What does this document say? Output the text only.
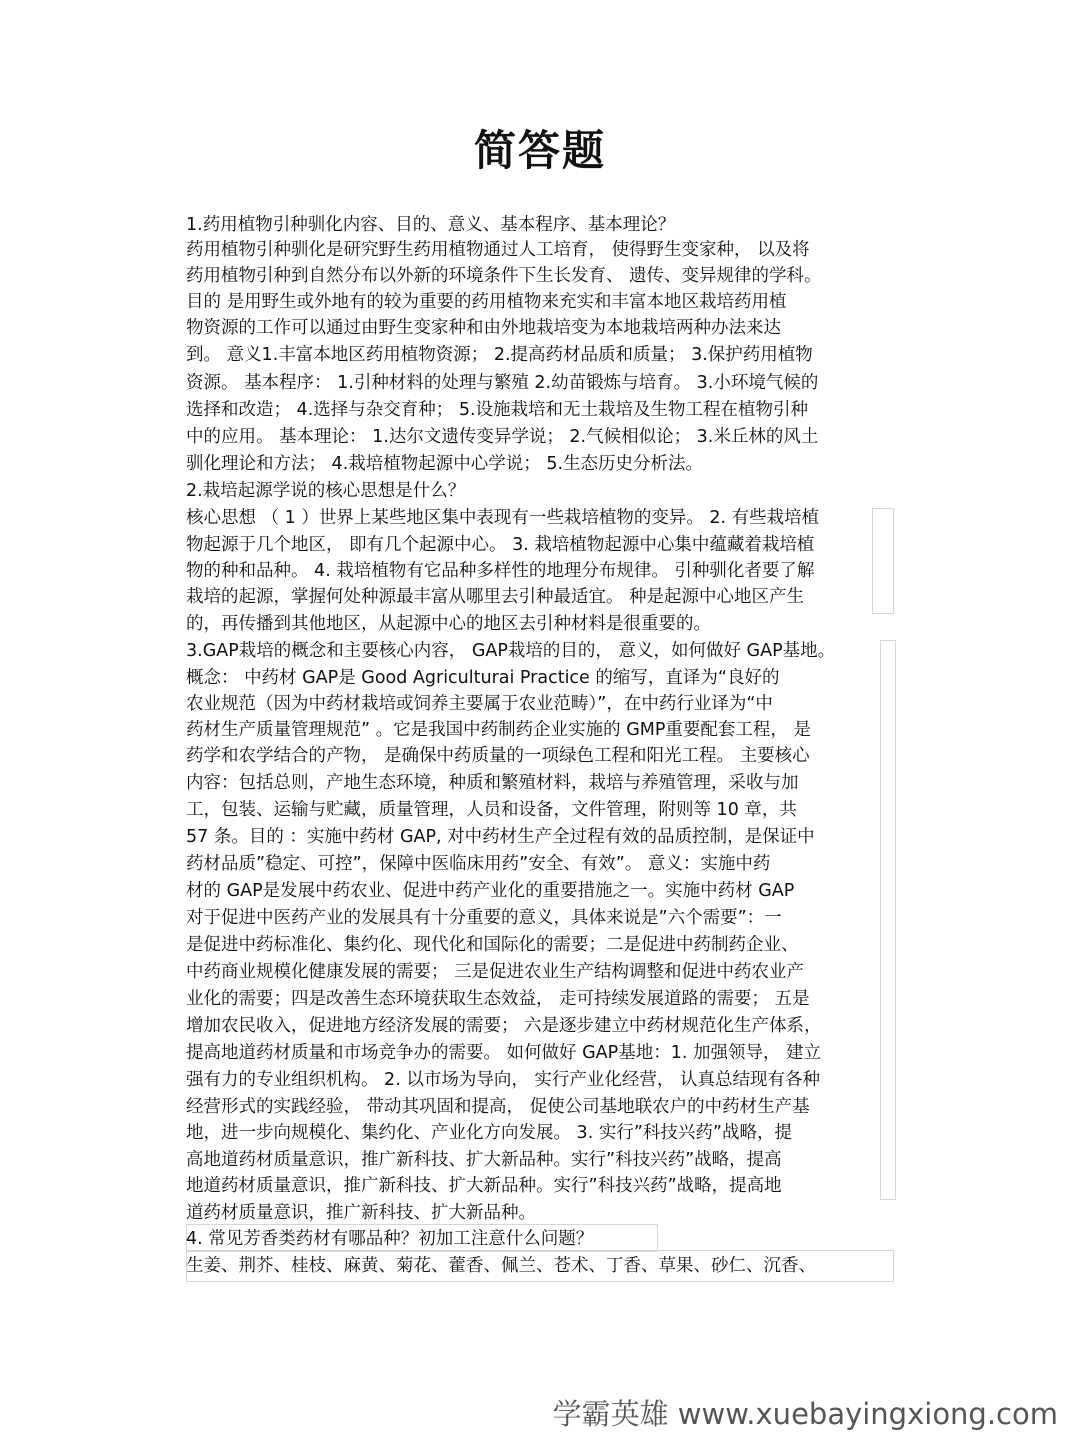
简答题
1.药用植物引种驯化内容、目的、意义、基本程序、基本理论？
药用植物引种驯化是研究野生药用植物通过人工培育， 使得野生变家种， 以及将
药用植物引种到自然分布以外新的环境条件下生长发育、 遗传、变异规律的学科。
目的 是用野生或外地有的较为重要的药用植物来充实和丰富本地区栽培药用植
物资源的工作可以通过由野生变家种和由外地栽培变为本地栽培两种办法来达
到。 意义1.丰富本地区药用植物资源； 2.提高药材品质和质量； 3.保护药用植物
资源。 基本程序： 1.引种材料的处理与繁殖 2.幼苗锻炼与培育。 3.小环境气候的
选择和改造； 4.选择与杂交育种； 5.设施栽培和无土栽培及生物工程在植物引种
中的应用。 基本理论： 1.达尔文遗传变异学说； 2.气候相似论； 3.米丘林的风土
驯化理论和方法； 4.栽培植物起源中心学说； 5.生态历史分析法。
2.栽培起源学说的核心思想是什么？
核心思想 （ 1 ）世界上某些地区集中表现有一些栽培植物的变异。 2. 有些栽培植
物起源于几个地区， 即有几个起源中心。 3. 栽培植物起源中心集中蕴藏着栽培植
物的种和品种。 4. 栽培植物有它品种多样性的地理分布规律。 引种驯化者要了解
栽培的起源，掌握何处种源最丰富从哪里去引种最适宜。 种是起源中心地区产生
的，再传播到其他地区，从起源中心的地区去引种材料是很重要的。
3.GAP栽培的概念和主要核心内容， GAP栽培的目的， 意义，如何做好 GAP基地。
概念： 中药材 GAP是 Good Agriculturai Practice 的缩写，直译为“良好的
农业规范（因为中药材栽培或饲养主要属于农业范畴）”，在中药行业译为“中
药材生产质量管理规范” 。它是我国中药制药企业实施的 GMP重要配套工程， 是
药学和农学结合的产物， 是确保中药质量的一项绿色工程和阳光工程。 主要核心
内容：包括总则，产地生态环境，种质和繁殖材料，栽培与养殖管理，采收与加
工，包装、运输与贮藏，质量管理，人员和设备，文件管理，附则等 10 章，共
57 条。目的 ：实施中药材 GAP, 对中药材生产全过程有效的品质控制，是保证中
药材品质”稳定、可控”，保障中医临床用药”安全、有效”。 意义：实施中药
材的 GAP是发展中药农业、促进中药产业化的重要措施之一。实施中药材 GAP
对于促进中医药产业的发展具有十分重要的意义，具体来说是”六个需要”：一
是促进中药标准化、集约化、现代化和国际化的需要；二是促进中药制药企业、
中药商业规模化健康发展的需要； 三是促进农业生产结构调整和促进中药农业产
业化的需要；四是改善生态环境获取生态效益， 走可持续发展道路的需要； 五是
增加农民收入，促进地方经济发展的需要； 六是逐步建立中药材规范化生产体系，
提高地道药材质量和市场竞争办的需要。 如何做好 GAP基地：1. 加强领导， 建立
强有力的专业组织机构。 2. 以市场为导向， 实行产业化经营， 认真总结现有各种
经营形式的实践经验， 带动其巩固和提高， 促使公司基地联农户的中药材生产基
地，进一步向规模化、集约化、产业化方向发展。 3. 实行”科技兴药”战略，提
高地道药材质量意识，推广新科技、扩大新品种。实行”科技兴药”战略，提高
地道药材质量意识，推广新科技、扩大新品种。实行”科技兴药”战略，提高地
道药材质量意识，推广新科技、扩大新品种。
4. 常见芳香类药材有哪品种？初加工注意什么问题？
生姜、荆芥、桂枝、麻黄、菊花、藿香、佩兰、苍术、丁香、草果、砂仁、沉香、
学霸英雄 www.xuebayingxiong.com
